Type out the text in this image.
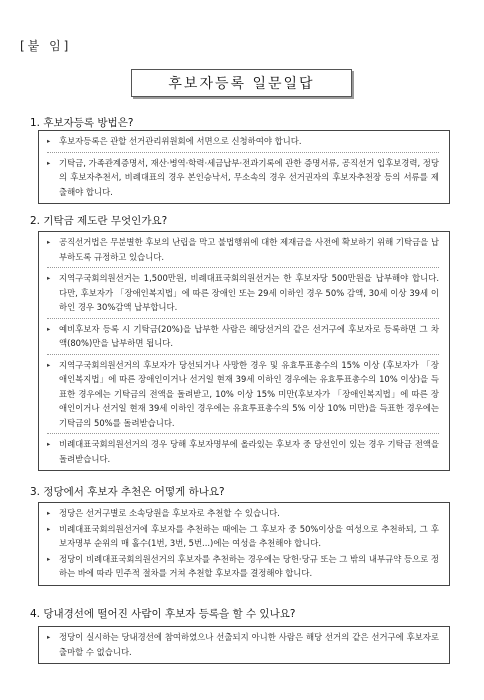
[붙 임]
후보자등록 일문일답
1. 후보자등록 방법은?
▸ 후보자등록은 관할 선거관리위원회에 서면으로 신청하여야 합니다.
▸ 기탁금, 가족관계증명서, 재산·병역·학력·세금납부·전과기록에 관한 증명서류, 공직선거 입후보경력, 정당의 후보자추천서, 비례대표의 경우 본인승낙서, 무소속의 경우 선거권자의 후보자추천장 등의 서류를 제출해야 합니다.
2. 기탁금 제도란 무엇인가요?
▸ 공직선거법은 무분별한 후보의 난립을 막고 불법행위에 대한 제재금을 사전에 확보하기 위해 기탁금을 납부하도록 규정하고 있습니다.
▸ 지역구국회의원선거는 1,500만원, 비례대표국회의원선거는 한 후보자당 500만원을 납부해야 합니다. 다만, 후보자가 「장애인복지법」에 따른 장애인 또는 29세 이하인 경우 50% 감액, 30세 이상 39세 이하인 경우 30%감액 납부합니다.
▸ 예비후보자 등록 시 기탁금(20%)을 납부한 사람은 해당선거의 같은 선거구에 후보자로 등록하면 그 차액(80%)만을 납부하면 됩니다.
▸ 지역구국회의원선거의 후보자가 당선되거나 사망한 경우 및 유효투표총수의 15% 이상 (후보자가 「장애인복지법」에 따른 장애인이거나 선거일 현재 39세 이하인 경우에는 유효투표총수의 10% 이상)을 득표한 경우에는 기탁금의 전액을 돌려받고, 10% 이상 15% 미만(후보자가 「장애인복지법」에 따른 장애인이거나 선거일 현재 39세 이하인 경우에는 유효투표총수의 5% 이상 10% 미만)을 득표한 경우에는 기탁금의 50%를 돌려받습니다.
▸ 비례대표국회의원선거의 경우 당해 후보자명부에 올라있는 후보자 중 당선인이 있는 경우 기탁금 전액을 돌려받습니다.
3. 정당에서 후보자 추천은 어떻게 하나요?
▸ 정당은 선거구별로 소속당원을 후보자로 추천할 수 있습니다.
▸ 비례대표국회의원선거에 후보자를 추천하는 때에는 그 후보자 중 50%이상을 여성으로 추천하되, 그 후보자명부 순위의 매 홀수(1번, 3번, 5번...)에는 여성을 추천해야 합니다.
▸ 정당이 비례대표국회의원선거의 후보자를 추천하는 경우에는 당헌·당규 또는 그 밖의 내부규약 등으로 정하는 바에 따라 민주적 절차를 거쳐 추천할 후보자를 결정해야 합니다.
4. 당내경선에 떨어진 사람이 후보자 등록을 할 수 있나요?
▸ 정당이 실시하는 당내경선에 참여하였으나 선출되지 아니한 사람은 해당 선거의 같은 선거구에 후보자로 출마할 수 없습니다.
